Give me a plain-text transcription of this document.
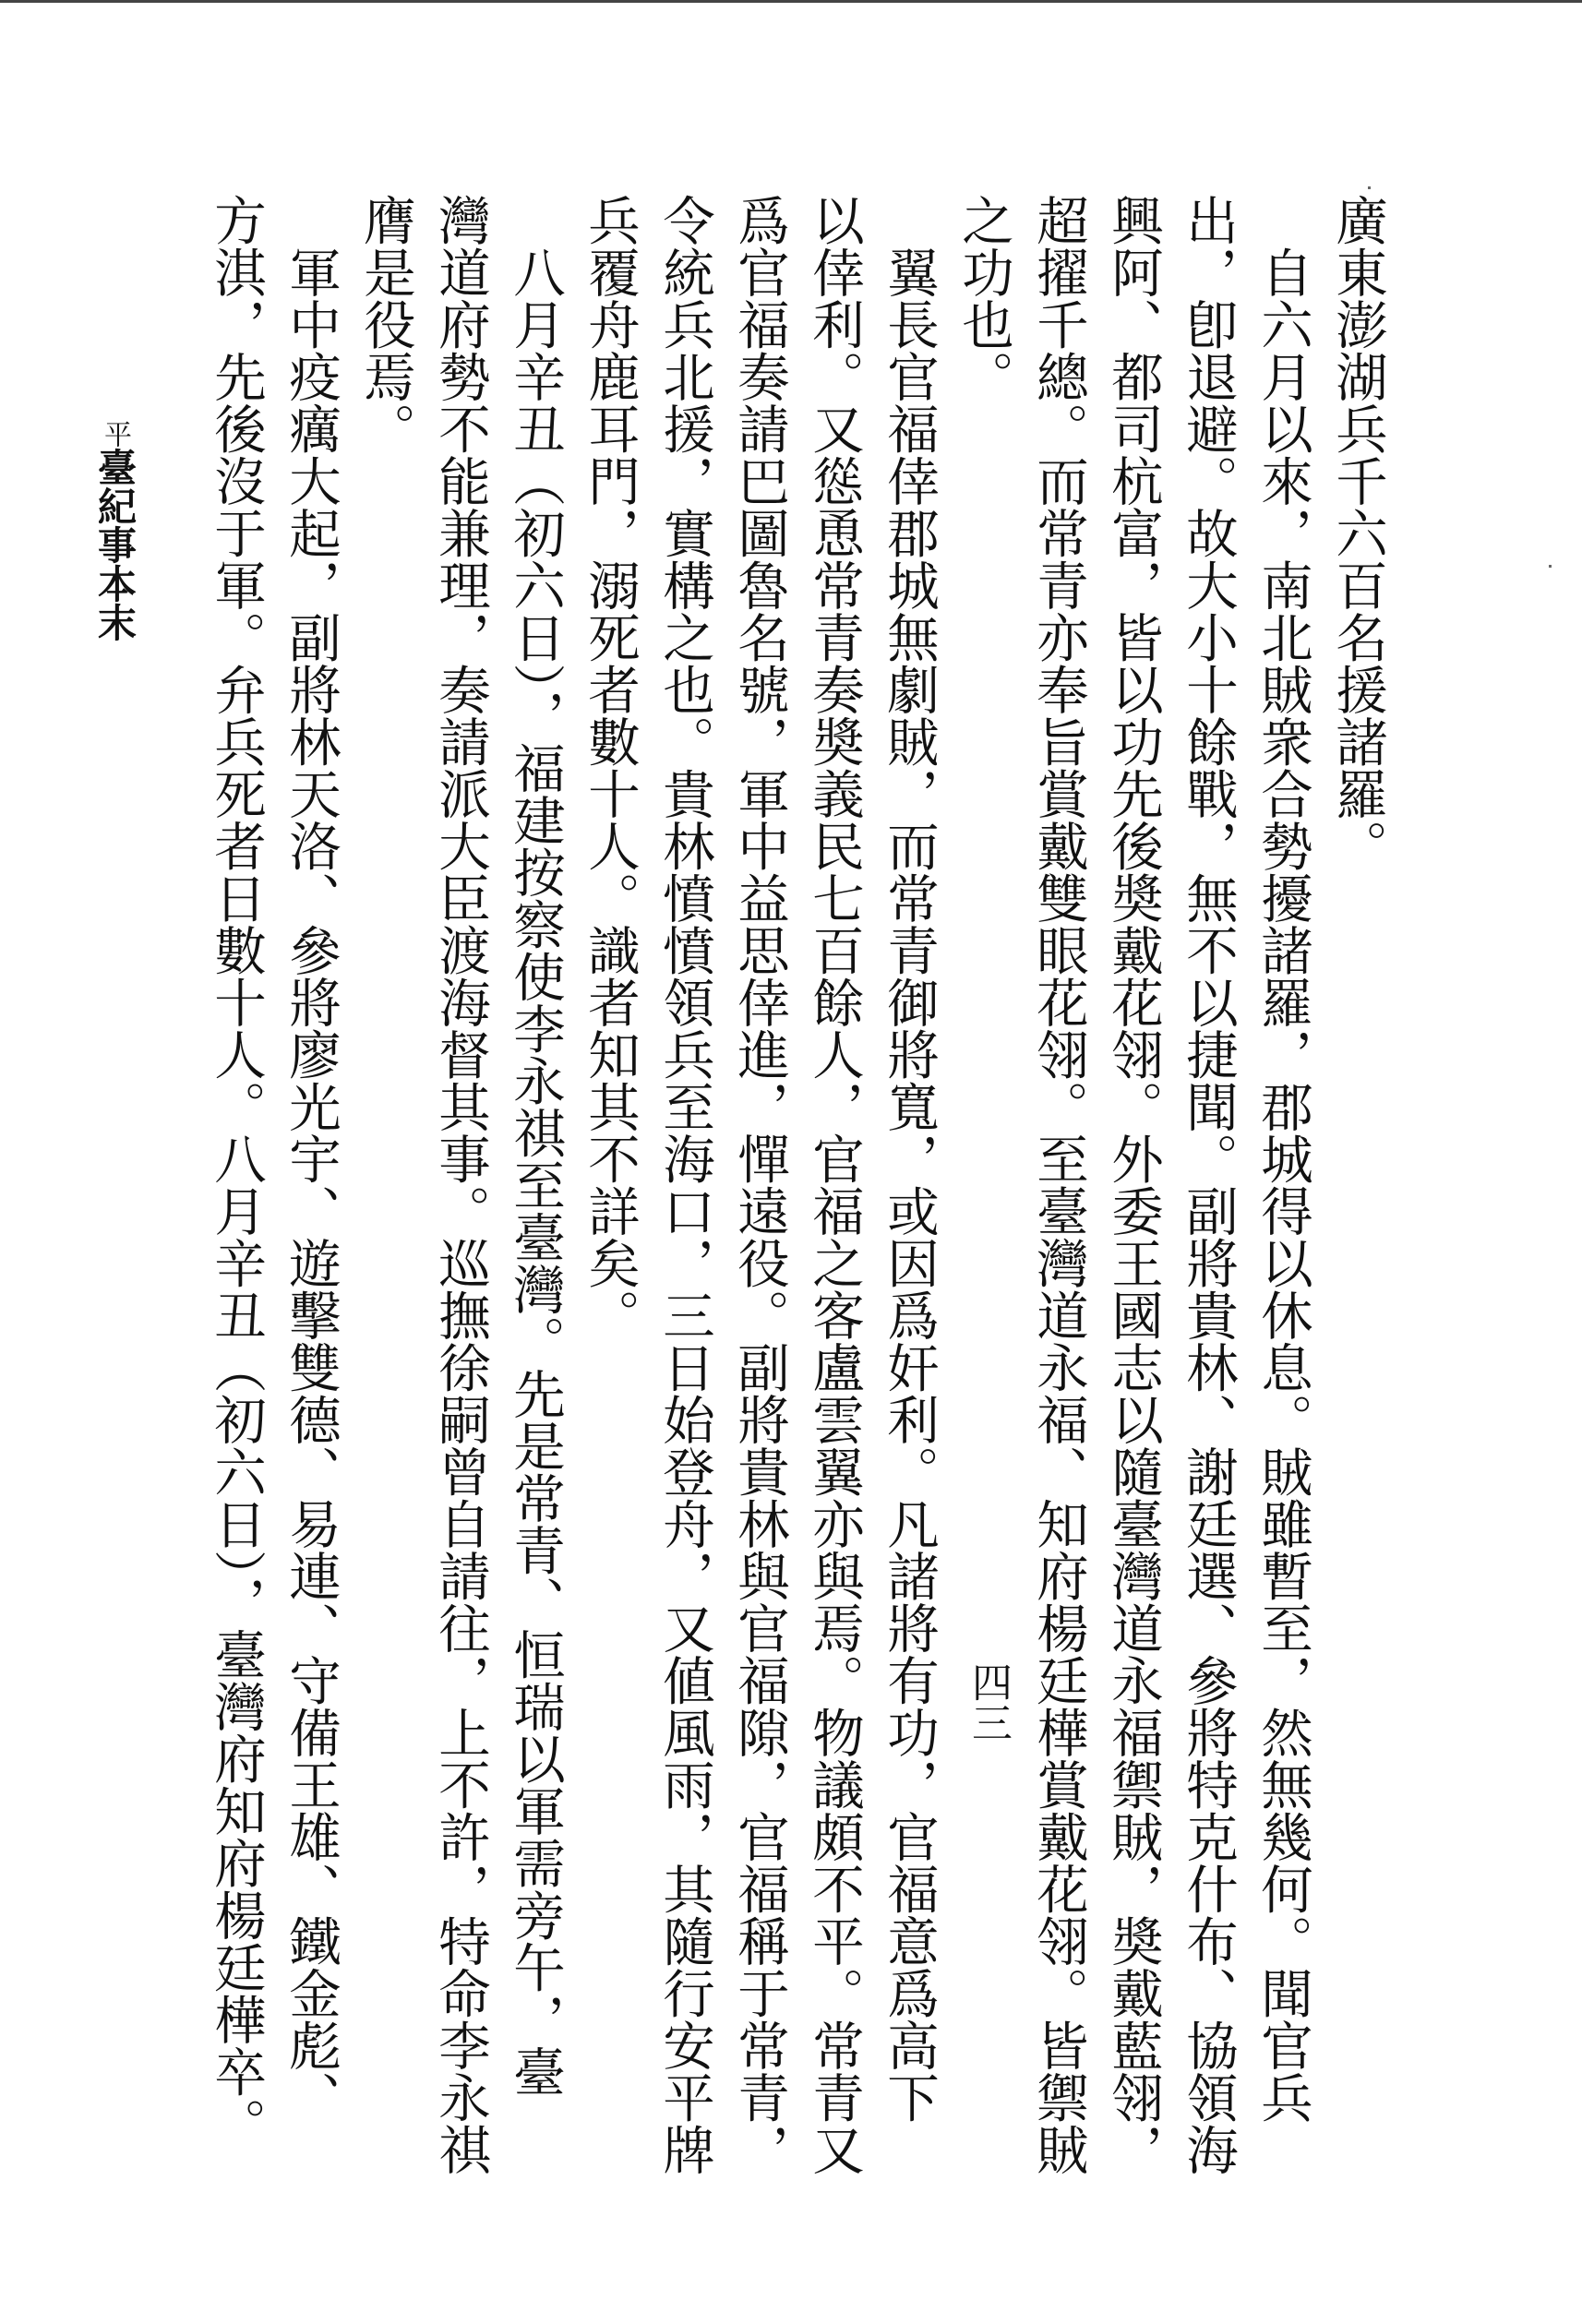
廣東澎湖兵千六百名援諸羅。
　自六月以來，南北賊衆合勢擾諸羅，郡城得以休息。賊雖暫至，然無幾何。聞官兵
出，卽退避。故大小十餘戰，無不以捷聞。副將貴林、謝廷選、參將特克什布、協領海
興阿、都司杭富，皆以功先後奬戴花翎。外委王國志以隨臺灣道永福禦賊，奬戴藍翎，
超擢千總。而常青亦奉旨賞戴雙眼花翎。至臺灣道永福、知府楊廷樺賞戴花翎。皆禦賊
之功也。
　翼長官福倖郡城無劇賊，而常青御將寬，或因爲奸利。凡諸將有功，官福意爲高下
以倖利。又慫恿常青奏奬義民七百餘人，官福之客盧雲翼亦與焉。物議頗不平。常青又
爲官福奏請巴圖魯名號，軍中益思倖進，憚遠役。副將貴林與官福隙，官福稱于常青，
令統兵北援，實構之也。貴林憤憤領兵至海口，三日始登舟，又値風雨，其隨行安平牌
兵覆舟鹿耳門，溺死者數十人。識者知其不詳矣。
　八月辛丑（初六日），福建按察使李永祺至臺灣。先是常青、恒瑞以軍需旁午，臺
灣道府勢不能兼理，奏請派大臣渡海督其事。巡撫徐嗣曾自請往，上不許，特命李永祺
膺是役焉。
　軍中疫癘大起，副將林天洛、參將廖光宇、遊擊雙德、易連、守備王雄、鐵金彪、
方淇，先後沒于軍。弁兵死者日數十人。八月辛丑（初六日），臺灣府知府楊廷樺卒。	四三
平臺紀事本末
